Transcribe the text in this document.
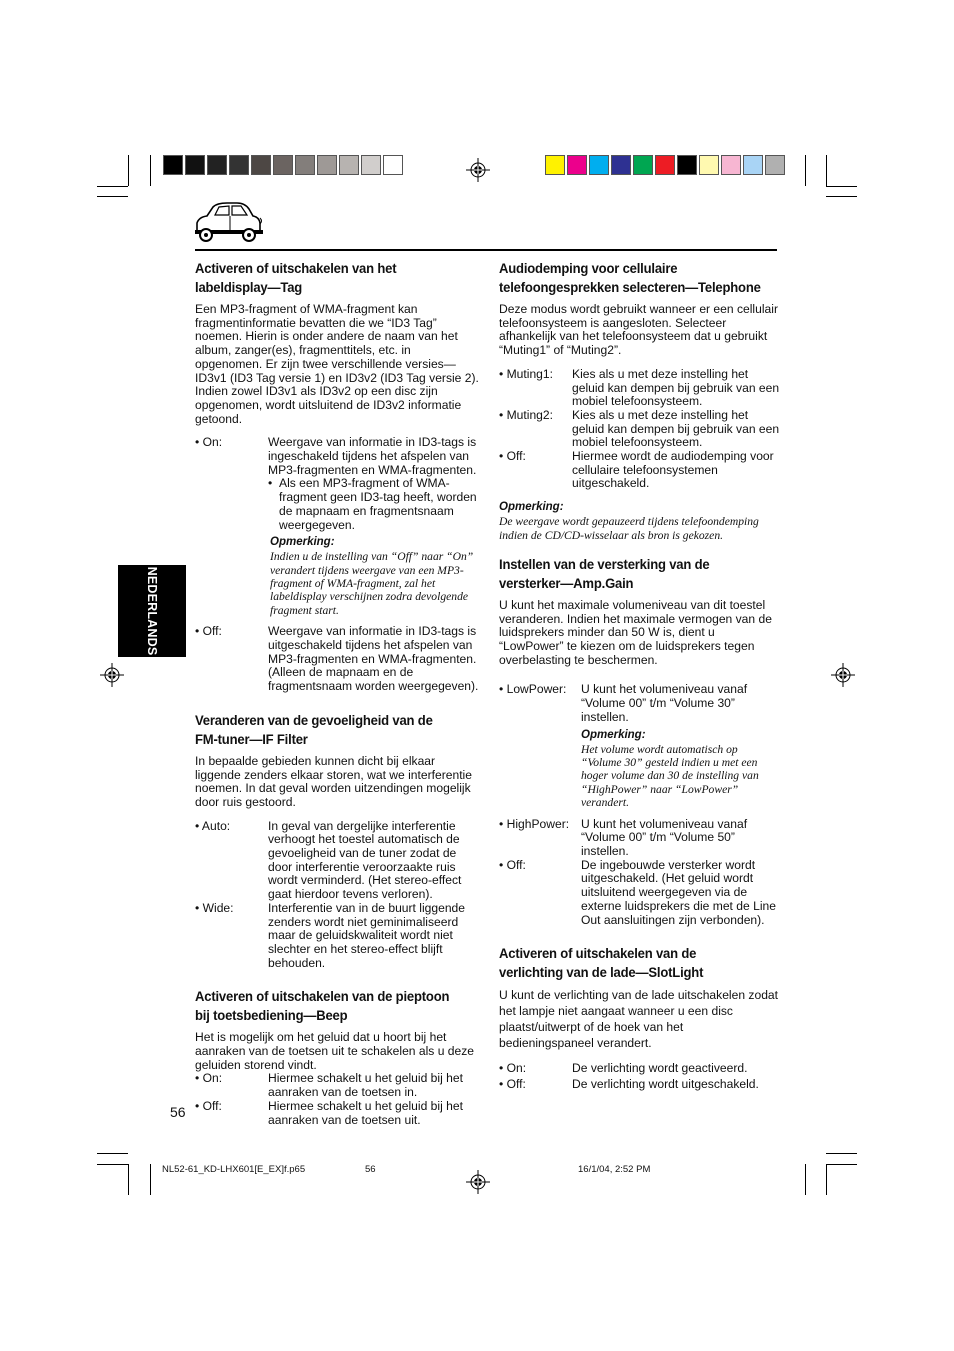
NEDERLANDS
Activeren of uitschakelen van het
labeldisplay—Tag

Een MP3-fragment of WMA-fragment kan fragmentinformatie bevatten die we “ID3 Tag” noemen. Hierin is onder andere de naam van het album, zanger(es), fragmenttitels, etc. in opgenomen. Er zijn twee verschillende versies—ID3v1 (ID3 Tag versie 1) en ID3v2 (ID3 Tag versie 2). Indien zowel ID3v1 als ID3v2 op een disc zijn opgenomen, wordt uitsluitend de ID3v2 informatie getoond.

• On:	Weergave van informatie in ID3-tags is ingeschakeld tijdens het afspelen van MP3-fragmenten en WMA-fragmenten.
• Als een MP3-fragment of WMA-fragment geen ID3-tag heeft, worden de mapnaam en fragmentsnaam weergegeven.
Opmerking:
Indien u de instelling van “Off” naar “On” verandert tijdens weergave van een MP3-fragment of WMA-fragment, zal het labeldisplay verschijnen zodra devolgende fragment start.
• Off:	Weergave van informatie in ID3-tags is uitgeschakeld tijdens het afspelen van MP3-fragmenten en WMA-fragmenten. (Alleen de mapnaam en de fragmentsnaam worden weergegeven).
Veranderen van de gevoeligheid van de
FM-tuner—IF Filter

In bepaalde gebieden kunnen dicht bij elkaar liggende zenders elkaar storen, wat we interferentie noemen. In dat geval worden uitzendingen mogelijk door ruis gestoord.

• Auto:	In geval van dergelijke interferentie verhoogt het toestel automatisch de gevoeligheid van de tuner zodat de door interferentie veroorzaakte ruis wordt verminderd. (Het stereo-effect gaat hierdoor tevens verloren).
• Wide:	Interferentie van in de buurt liggende zenders wordt niet geminimaliseerd maar de geluidskwaliteit wordt niet slechter en het stereo-effect blijft behouden.
Activeren of uitschakelen van de pieptoon
bij toetsbediening—Beep

Het is mogelijk om het geluid dat u hoort bij het aanraken van de toetsen uit te schakelen als u deze geluiden storend vindt.

• On:	Hiermee schakelt u het geluid bij het aanraken van de toetsen in.
• Off:	Hiermee schakelt u het geluid bij het aanraken van de toetsen uit.
Audiodemping voor cellulaire
telefoongesprekken selecteren—Telephone

Deze modus wordt gebruikt wanneer er een cellulair telefoonsysteem is aangesloten. Selecteer afhankelijk van het telefoonsysteem dat u gebruikt “Muting1” of “Muting2”.

• Muting1:	Kies als u met deze instelling het geluid kan dempen bij gebruik van een mobiel telefoonsysteem.
• Muting2:	Kies als u met deze instelling het geluid kan dempen bij gebruik van een mobiel telefoonsysteem.
• Off:	Hiermee wordt de audiodemping voor cellulaire telefoonsystemen uitgeschakeld.
Opmerking:
De weergave wordt gepauzeerd tijdens telefoondemping indien de CD/CD-wisselaar als bron is gekozen.
Instellen van de versterking van de
versterker—Amp.Gain

U kunt het maximale volumeniveau van dit toestel veranderen. Indien het maximale vermogen van de luidsprekers minder dan 50 W is, dient u “LowPower” te kiezen om de luidsprekers tegen overbelasting te beschermen.

• LowPower:	U kunt het volumeniveau vanaf “Volume 00” t/m “Volume 30” instellen.
Opmerking:
Het volume wordt automatisch op “Volume 30” gesteld indien u met een hoger volume dan 30 de instelling van “HighPower” naar “LowPower” verandert.
• HighPower: U kunt het volumeniveau vanaf “Volume 00” t/m “Volume 50” instellen.
• Off:	De ingebouwde versterker wordt uitgeschakeld. (Het geluid wordt uitsluitend weergegeven via de externe luidsprekers die met de Line Out aansluitingen zijn verbonden).
Activeren of uitschakelen van de
verlichting van de lade—SlotLight

U kunt de verlichting van de lade uitschakelen zodat het lampje niet aangaat wanneer u een disc plaatst/uitwerpt of de hoek van het bedieningspaneel verandert.

• On:	De verlichting wordt geactiveerd.
• Off:	De verlichting wordt uitgeschakeld.
56
NL52-61_KD-LHX601[E_EX]f.p65	56	16/1/04, 2:52 PM
